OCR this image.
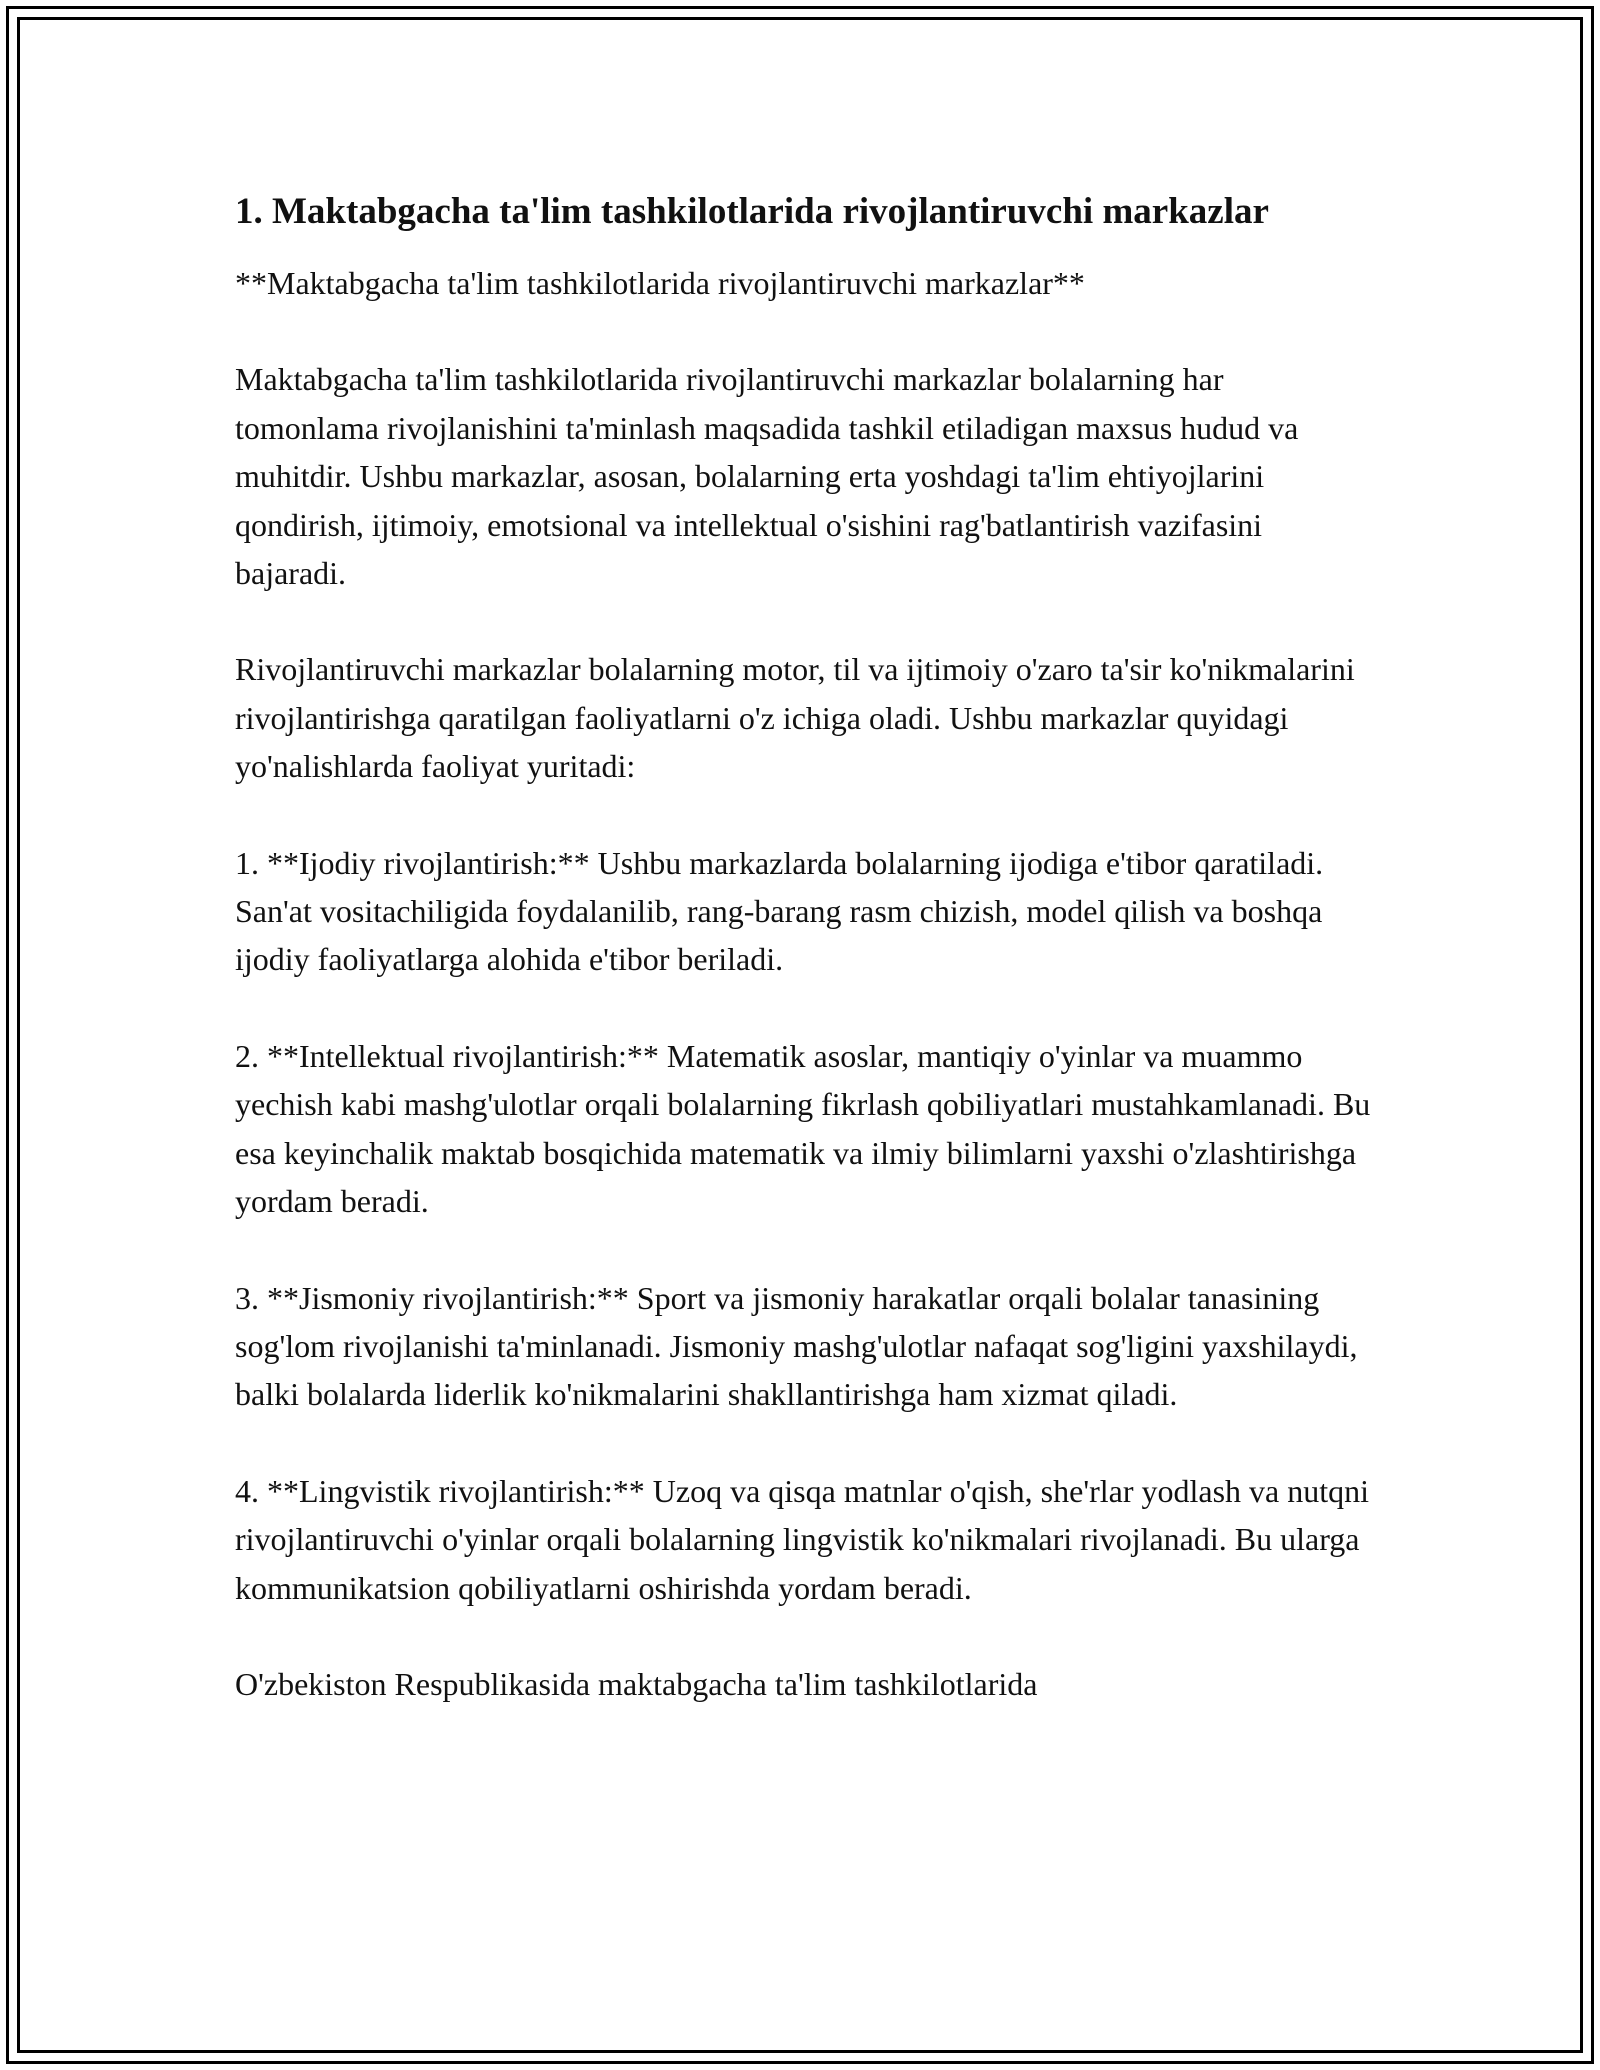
1. Maktabgacha ta'lim tashkilotlarida rivojlantiruvchi markazlar

**Maktabgacha ta'lim tashkilotlarida rivojlantiruvchi markazlar**

Maktabgacha ta'lim tashkilotlarida rivojlantiruvchi markazlar bolalarning har tomonlama rivojlanishini ta'minlash maqsadida tashkil etiladigan maxsus hudud va muhitdir. Ushbu markazlar, asosan, bolalarning erta yoshdagi ta'lim ehtiyojlarini qondirish, ijtimoiy, emotsional va intellektual o'sishini rag'batlantirish vazifasini bajaradi.

Rivojlantiruvchi markazlar bolalarning motor, til va ijtimoiy o'zaro ta'sir ko'nikmalarini rivojlantirishga qaratilgan faoliyatlarni o'z ichiga oladi. Ushbu markazlar quyidagi yo'nalishlarda faoliyat yuritadi:

1. **Ijodiy rivojlantirish:** Ushbu markazlarda bolalarning ijodiga e'tibor qaratiladi. San'at vositachiligida foydalanilib, rang-barang rasm chizish, model qilish va boshqa ijodiy faoliyatlarga alohida e'tibor beriladi.

2. **Intellektual rivojlantirish:** Matematik asoslar, mantiqiy o'yinlar va muammo yechish kabi mashg'ulotlar orqali bolalarning fikrlash qobiliyatlari mustahkamlanadi. Bu esa keyinchalik maktab bosqichida matematik va ilmiy bilimlarni yaxshi o'zlashtirishga yordam beradi.

3. **Jismoniy rivojlantirish:** Sport va jismoniy harakatlar orqali bolalar tanasining sog'lom rivojlanishi ta'minlanadi. Jismoniy mashg'ulotlar nafaqat sog'ligini yaxshilaydi, balki bolalarda liderlik ko'nikmalarini shakllantirishga ham xizmat qiladi.

4. **Lingvistik rivojlantirish:** Uzoq va qisqa matnlar o'qish, she'rlar yodlash va nutqni rivojlantiruvchi o'yinlar orqali bolalarning lingvistik ko'nikmalari rivojlanadi. Bu ularga kommunikatsion qobiliyatlarni oshirishda yordam beradi.

O'zbekiston Respublikasida maktabgacha ta'lim tashkilotlarida
